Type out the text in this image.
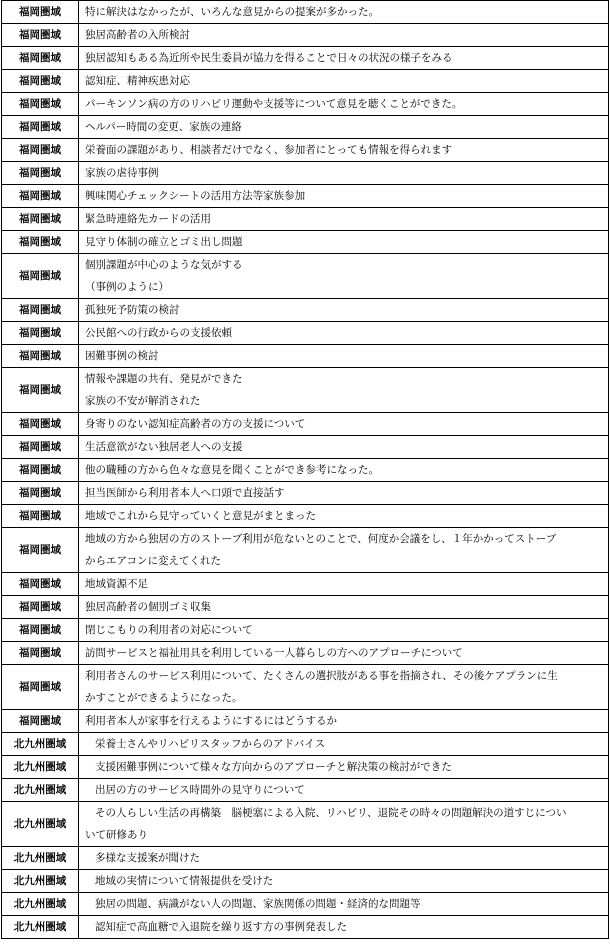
福岡圏域	特に解決はなかったが、いろんな意見からの提案が多かった。

福岡圏域	独居高齢者の入所検討

福岡圏域	独居認知もある為近所や民生委員が協力を得ることで日々の状況の様子をみる

福岡圏域	認知症、精神疾患対応

福岡圏域	パーキンソン病の方のリハビリ運動や支援等について意見を聴くことができた。

福岡圏域	ヘルパー時間の変更、家族の連絡

福岡圏域	栄養面の課題があり、相談者だけでなく、参加者にとっても情報を得られます

福岡圏域	家族の虐待事例

福岡圏域	興味関心チェックシートの活用方法等家族参加

福岡圏域	緊急時連絡先カードの活用

福岡圏域	見守り体制の確立とゴミ出し問題

福岡圏域	個別課題が中心のような気がする
（事例のように）

福岡圏域	孤独死予防策の検討

福岡圏域	公民館への行政からの支援依頼

福岡圏域	困難事例の検討

福岡圏域	情報や課題の共有、発見ができた
家族の不安が解消された

福岡圏域	身寄りのない認知症高齢者の方の支援について

福岡圏域	生活意欲がない独居老人への支援

福岡圏域	他の職種の方から色々な意見を聞くことができ参考になった。

福岡圏域	担当医師から利用者本人へ口頭で直接話す

福岡圏域	地域でこれから見守っていくと意見がまとまった

福岡圏域	地域の方から独居の方のストーブ利用が危ないとのことで、何度か会議をし、１年かかってストーブ
からエアコンに変えてくれた

福岡圏域	地域資源不足

福岡圏域	独居高齢者の個別ゴミ収集

福岡圏域	閉じこもりの利用者の対応について

福岡圏域	訪問サービスと福祉用具を利用している一人暮らしの方へのアプローチについて

福岡圏域	利用者さんのサービス利用について、たくさんの選択肢がある事を指摘され、その後ケアプランに生
かすことができるようになった。

福岡圏域	利用者本人が家事を行えるようにするにはどうするか

北九州圏域	栄養士さんやリハビリスタッフからのアドバイス

北九州圏域	支援困難事例について様々な方向からのアプローチと解決策の検討ができた

北九州圏域	出居の方のサービス時間外の見守りについて

北九州圏域	その人らしい生活の再構築　脳梗塞による入院、リハビリ、退院その時々の問題解決の道すじについ
いて研修あり

北九州圏域	多様な支援案が聞けた

北九州圏域	地域の実情について情報提供を受けた

北九州圏域	独居の問題、病識がない人の問題、家族関係の問題・経済的な問題等

北九州圏域	認知症で高血糖で入退院を繰り返す方の事例発表した
